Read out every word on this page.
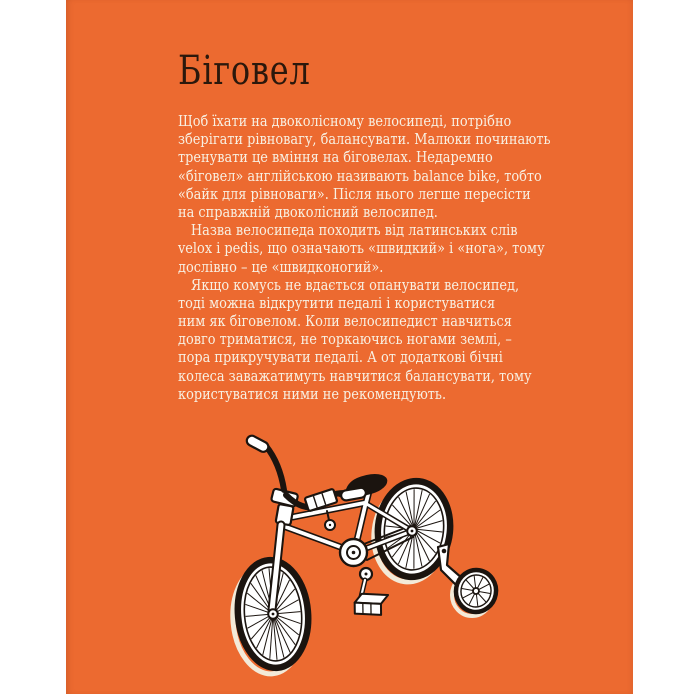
Біговел
Щоб їхати на двоколісному велосипеді, потрібно
зберігати рівновагу, балансувати. Малюки починають
тренувати це вміння на біговелах. Недаремно
«біговел» англійською називають balance bike, тобто
«байк для рівноваги». Після нього легше пересісти
на справжній двоколісний велосипед.
Назва велосипеда походить від латинських слів
velox і pedis, що означають «швидкий» і «нога», тому
дослівно – це «швидконогий».
Якщо комусь не вдається опанувати велосипед,
тоді можна відкрутити педалі і користуватися
ним як біговелом. Коли велосипедист навчиться
довго триматися, не торкаючись ногами землі, –
пора прикручувати педалі. А от додаткові бічні
колеса заважатимуть навчитися балансувати, тому
користуватися ними не рекомендують.
